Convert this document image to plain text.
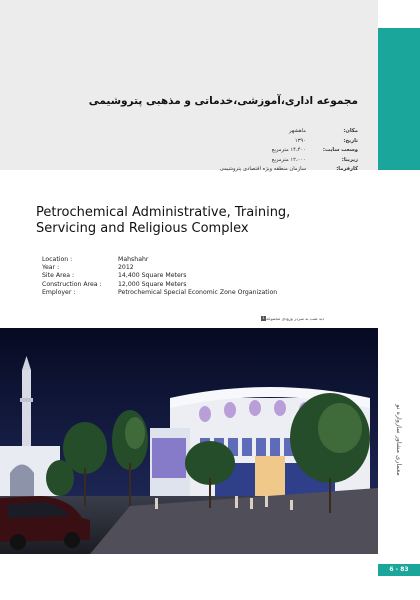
مجموعه اداری،آموزشی،خدماتی و مذهبی پتروشیمی
مکان:
ماهشهر
تاریخ:
۱۳۹۰
وسعت سایت:
۱۴،۴۰۰ مترمربع
زیربنا:
۱۲،۰۰۰ مترمربع
کارفرما:
سازمان منطقه ویژه اقتصادی پتروشیمی
Petrochemical Administrative, Training,
Servicing and Religious Complex
Location :	Mahshahr
Year :	2012
Site Area :	14,400 Square Meters
Construction Area :	12,000 Square Meters
Employer :	Petrochemical Special Economic Zone Organization
دید شب به سردر ورودی مجموعه
1
معماری مشاور سازواره نو
6 - 83
